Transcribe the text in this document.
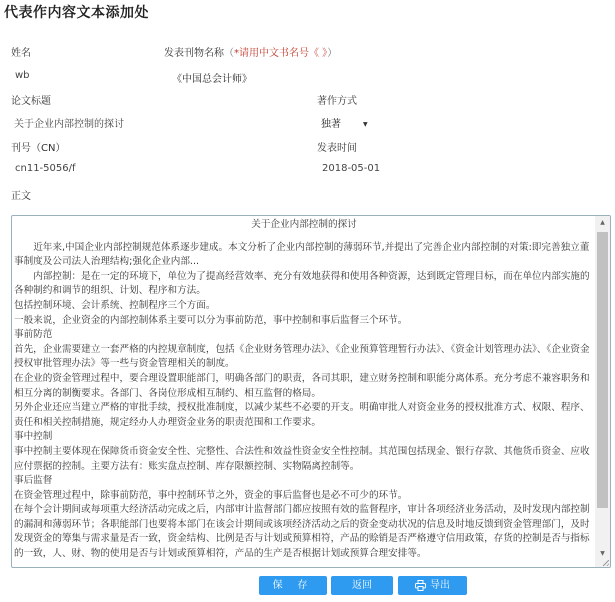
代表作内容文本添加处
姓名	发表刊物名称（*请用中文书名号《 》）
wb	《中国总会计师》
论文标题	著作方式
关于企业内部控制的探讨	独著	▼
刊号（CN）	发表时间
cn11-5056/f	2018-05-01
正文
关于企业内部控制的探讨

近年来,中国企业内部控制规范体系逐步建成。本文分析了企业内部控制的薄弱环节,并提出了完善企业内部控制的对策:即完善独立董事制度及公司法人治理结构;强化企业内部...

内部控制：是在一定的环境下，单位为了提高经营效率、充分有效地获得和使用各种资源，达到既定管理目标，而在单位内部实施的各种制约和调节的组织、计划、程序和方法。

包括控制环境、会计系统、控制程序三个方面。

一般来说，企业资金的内部控制体系主要可以分为事前防范，事中控制和事后监督三个环节。

事前防范

首先，企业需要建立一套严格的内控规章制度，包括《企业财务管理办法》、《企业预算管理暂行办法》、《资金计划管理办法》、《企业资金授权审批管理办法》等一些与资金管理相关的制度。

在企业的资金管理过程中，要合理设置职能部门，明确各部门的职责，各司其职，建立财务控制和职能分离体系。充分考虑不兼容职务和相互分离的制衡要求。各部门、各岗位形成相互制约、相互监督的格局。

另外企业还应当建立严格的审批手续，授权批准制度，以减少某些不必要的开支。明确审批人对资金业务的授权批准方式、权限、程序、责任和相关控制措施，规定经办人办理资金业务的职责范围和工作要求。

事中控制

事中控制主要体现在保障货币资金安全性、完整性、合法性和效益性资金安全性控制。其范围包括现金、银行存款、其他货币资金、应收应付票据的控制。主要方法有：账实盘点控制、库存限额控制、实物隔离控制等。

事后监督

在资金管理过程中，除事前防范，事中控制环节之外，资金的事后监督也是必不可少的环节。

在每个会计期间或每项重大经济活动完成之后，内部审计监督部门都应按照有效的监督程序，审计各项经济业务活动，及时发现内部控制的漏洞和薄弱环节；各职能部门也要将本部门在该会计期间或该项经济活动之后的资金变动状况的信息及时地反馈到资金管理部门，及时发现资金的筹集与需求量是否一致，资金结构、比例是否与计划或预算相符，产品的赊销是否严格遵守信用政策，存货的控制是否与指标的一致，人、财、物的使用是否与计划或预算相符，产品的生产是否根据计划或预算合理安排等。

▲
▼
保 存	返回	导出
